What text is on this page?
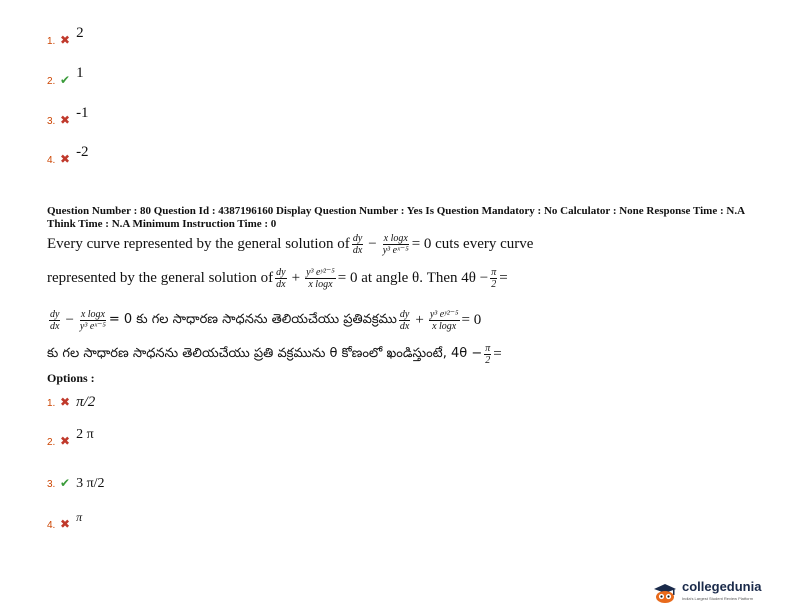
1. ✖ 2
2. ✔ 1
3. ✖ -1
4. ✖ -2
Question Number : 80 Question Id : 4387196160 Display Question Number : Yes Is Question Mandatory : No Calculator : None Response Time : N.A Think Time : N.A Minimum Instruction Time : 0
Every curve represented by the general solution of $\frac{dy}{dx} - \frac{\text{x logx}}{\text{y³ eˣ⁻⁵}} = 0$ cuts every curve
represented by the general solution of $\frac{dy}{dx} + \frac{\text{y³ eʸ²⁻⁵}}{\text{x logx}} = 0$ at angle θ. Then $4\theta - \frac{\pi}{2}$ =
$\frac{dy}{dx} - \frac{\text{x logx}}{\text{y³ eˣ⁻⁵}} = 0$ కు గల సాధారణ సాధనను తెలియచేయు ప్రతివక్రము $\frac{dy}{dx} + \frac{\text{y³ eʸ²⁻⁵}}{\text{x logx}} = 0$
కు గల సాధారణ సాధనను తెలియచేయు ప్రతి వక్రమును θ కోణంలో ఖండిస్తుంటే, $4\theta - \frac{\pi}{2}$ =
Options :
1. ✖ π/2
2. ✖ 2 π
3. ✔ 3 π/2
4. ✖ π
collegedunia
India's Largest Student Review Platform
